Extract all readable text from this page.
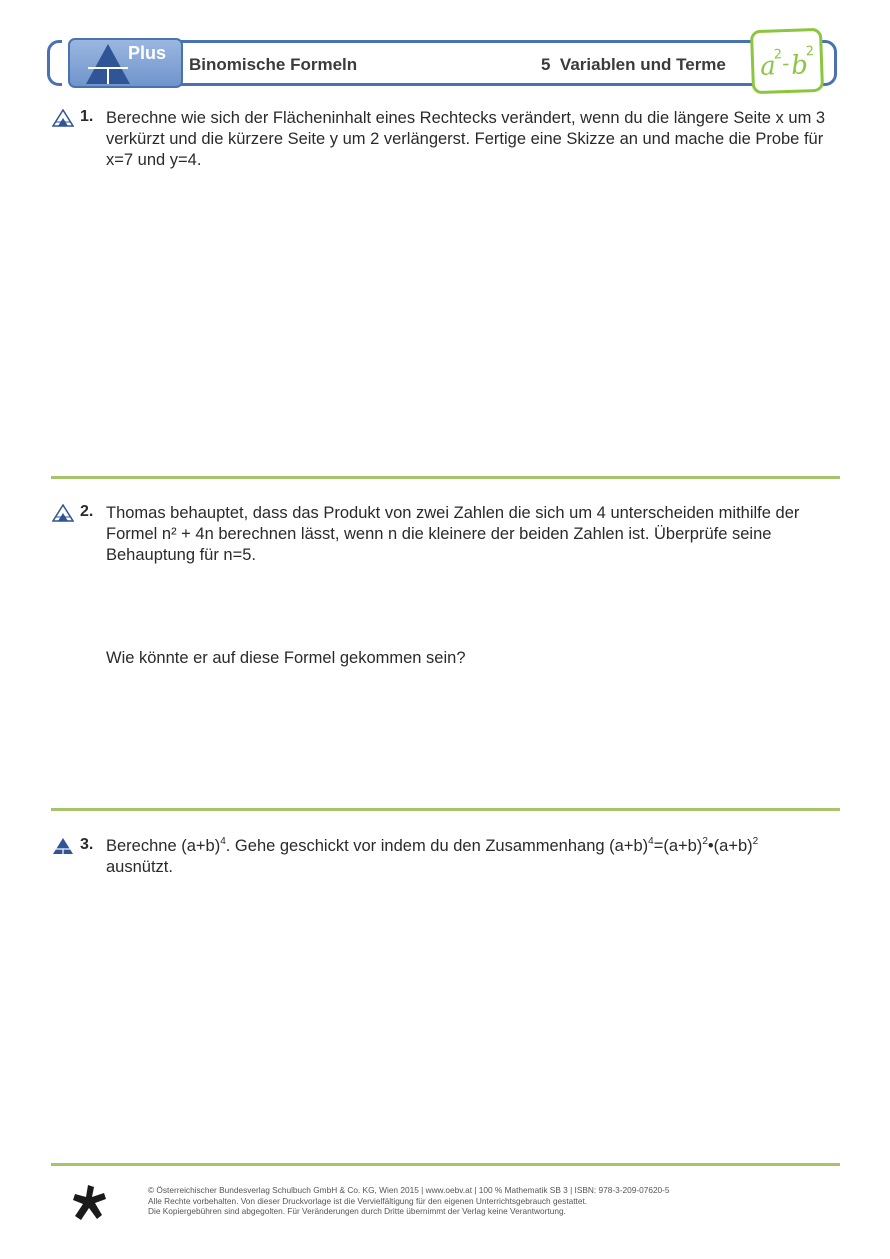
Plus
Binomische Formeln	5 Variablen und Terme a
2 - b
2
1. Berechne wie sich der Flächeninhalt eines Rechtecks verändert, wenn du die längere Seite x um 3 verkürzt und die kürzere Seite y um 2 verlängerst. Fertige eine Skizze an und mache die Probe für x=7 und y=4.
2. Thomas behauptet, dass das Produkt von zwei Zahlen die sich um 4 unterscheiden mithilfe der Formel n² + 4n berechnen lässt, wenn n die kleinere der beiden Zahlen ist. Überprüfe seine Behauptung für n=5.
Wie könnte er auf diese Formel gekommen sein?
3. Berechne $(a+b)^4$. Gehe geschickt vor indem du den Zusammenhang $(a+b)^4=(a+b)^2•(a+b)^2$
ausnützt.
© Österreichischer Bundesverlag Schulbuch GmbH & Co. KG, Wien 2015 | www.oebv.at | 100 % Mathematik SB 3 | ISBN: 978-3-209-07620-5
Alle Rechte vorbehalten. Von dieser Druckvorlage ist die Vervielfältigung für den eigenen Unterrichtsgebrauch gestattet.
Die Kopiergebühren sind abgegolten. Für Veränderungen durch Dritte übernimmt der Verlag keine Verantwortung.
